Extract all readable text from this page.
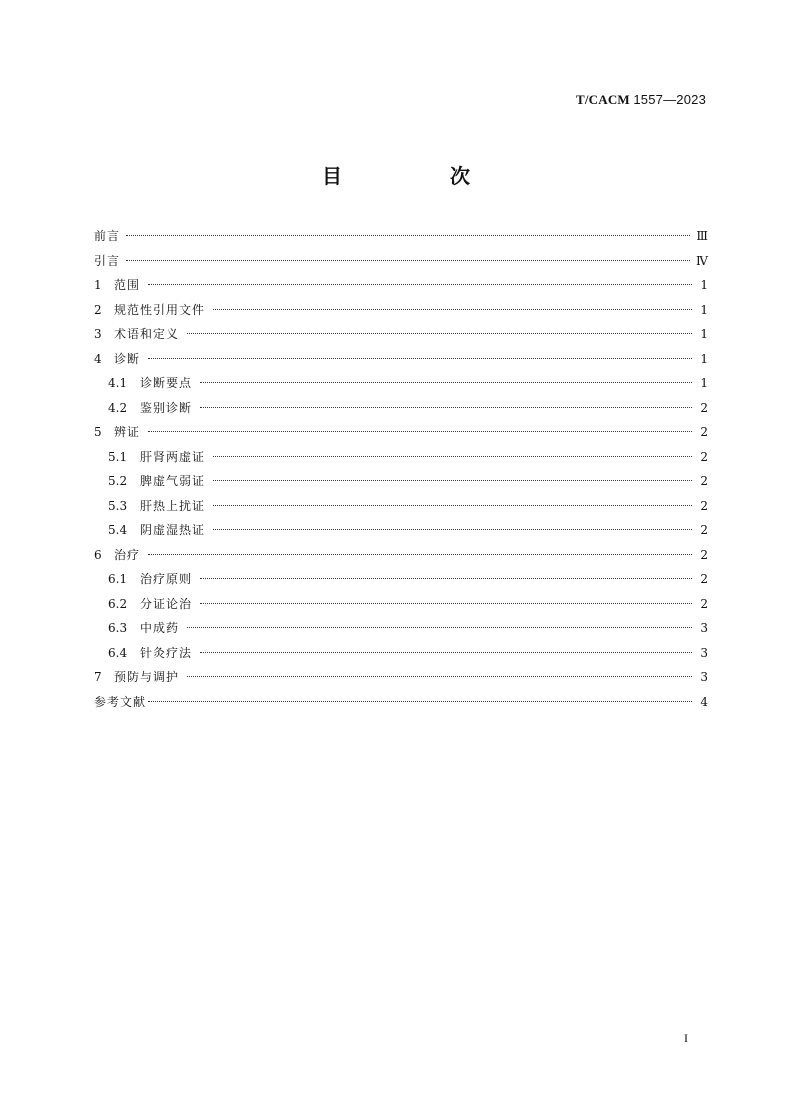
T/CACM 1557—2023
目　次
前言	Ⅲ
引言	Ⅳ
1	范围	1
2	规范性引用文件	1
3	术语和定义	1
4	诊断	1
4.1	诊断要点	1
4.2	鉴别诊断	2
5	辨证	2
5.1	肝肾两虚证	2
5.2	脾虚气弱证	2
5.3	肝热上扰证	2
5.4	阴虚湿热证	2
6	治疗	2
6.1	治疗原则	2
6.2	分证论治	2
6.3	中成药	3
6.4	针灸疗法	3
7	预防与调护	3
参考文献	4
I
